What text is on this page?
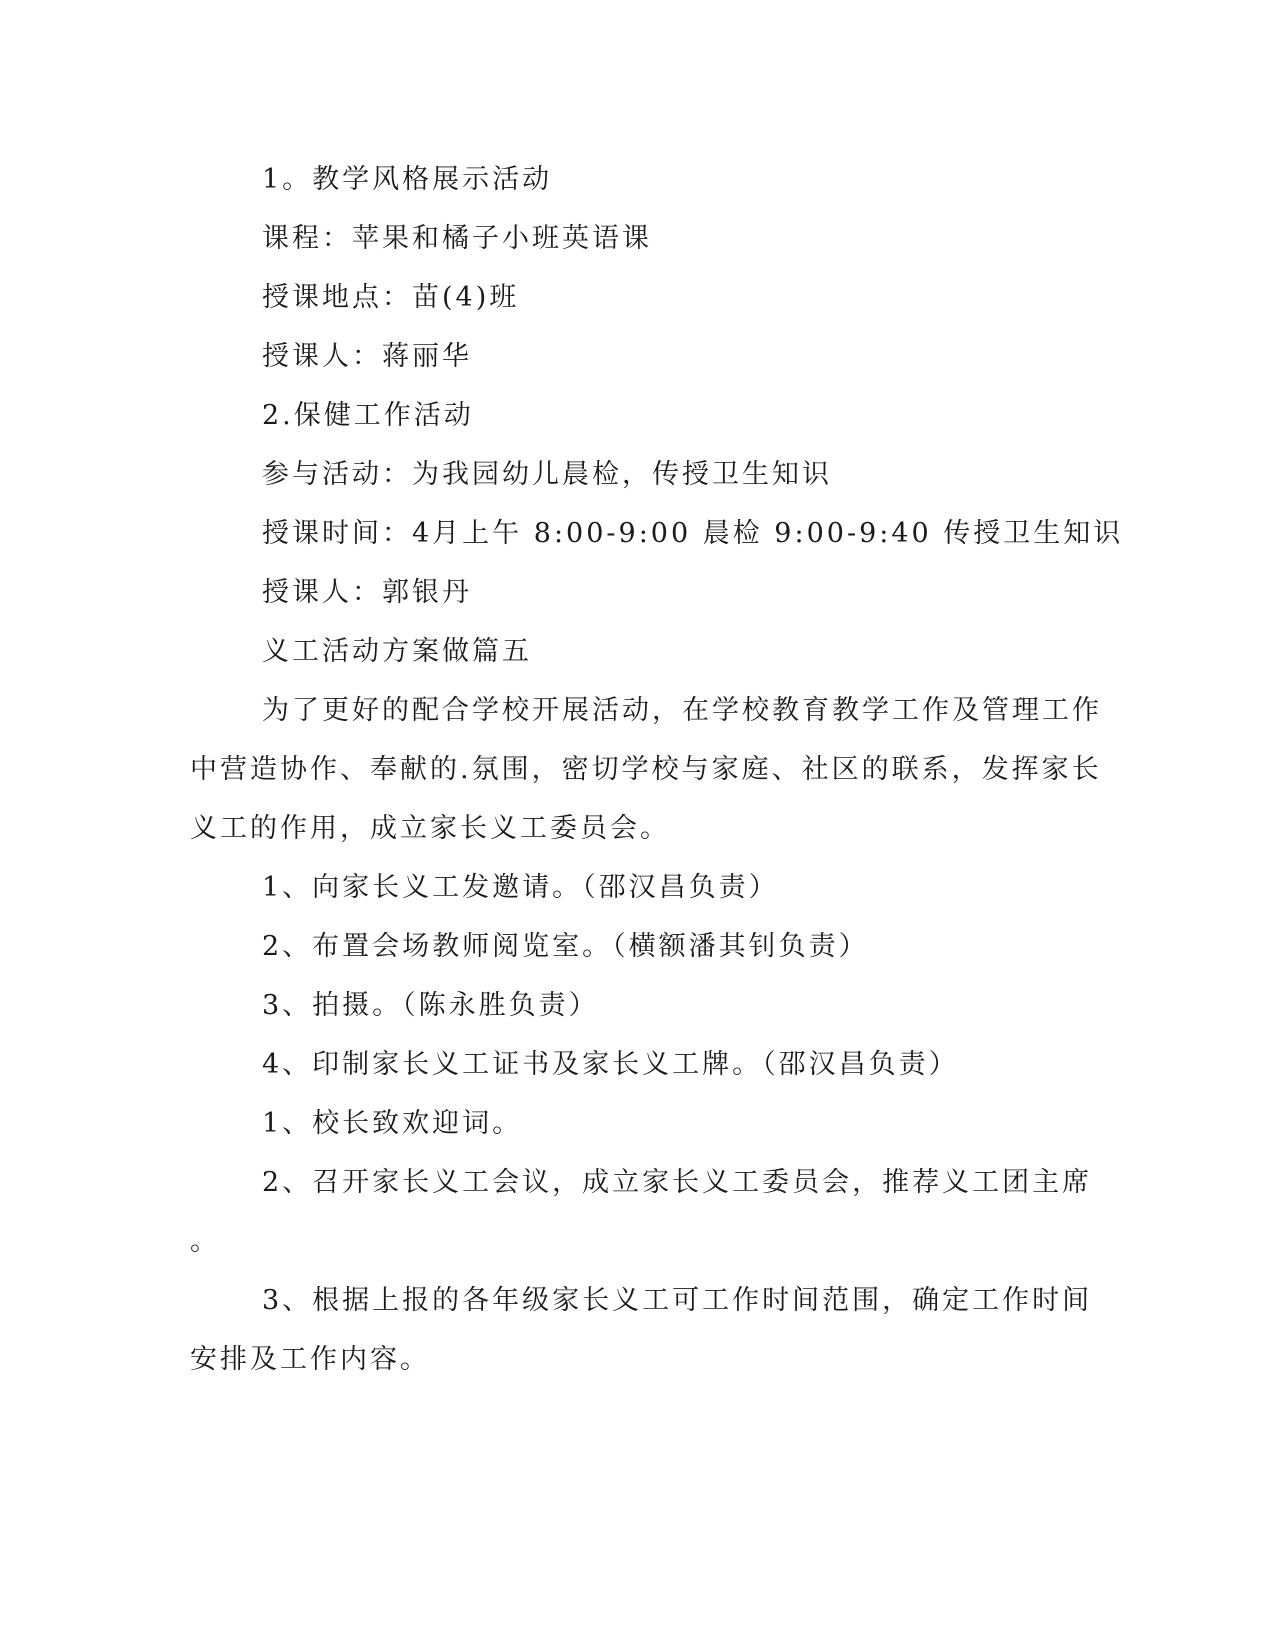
1。教学风格展示活动
课程：苹果和橘子小班英语课
授课地点：苗(4)班
授课人：蒋丽华
2.保健工作活动
参与活动：为我园幼儿晨检，传授卫生知识
授课时间：4月上午 8:00-9:00 晨检 9:00-9:40 传授卫生知识
授课人：郭银丹
义工活动方案做篇五
为了更好的配合学校开展活动，在学校教育教学工作及管理工作
中营造协作、奉献的.氛围，密切学校与家庭、社区的联系，发挥家长
义工的作用，成立家长义工委员会。
1、向家长义工发邀请。（邵汉昌负责）
2、布置会场教师阅览室。（横额潘其钊负责）
3、拍摄。（陈永胜负责）
4、印制家长义工证书及家长义工牌。（邵汉昌负责）
1、校长致欢迎词。
2、召开家长义工会议，成立家长义工委员会，推荐义工团主席
。
3、根据上报的各年级家长义工可工作时间范围，确定工作时间
安排及工作内容。
